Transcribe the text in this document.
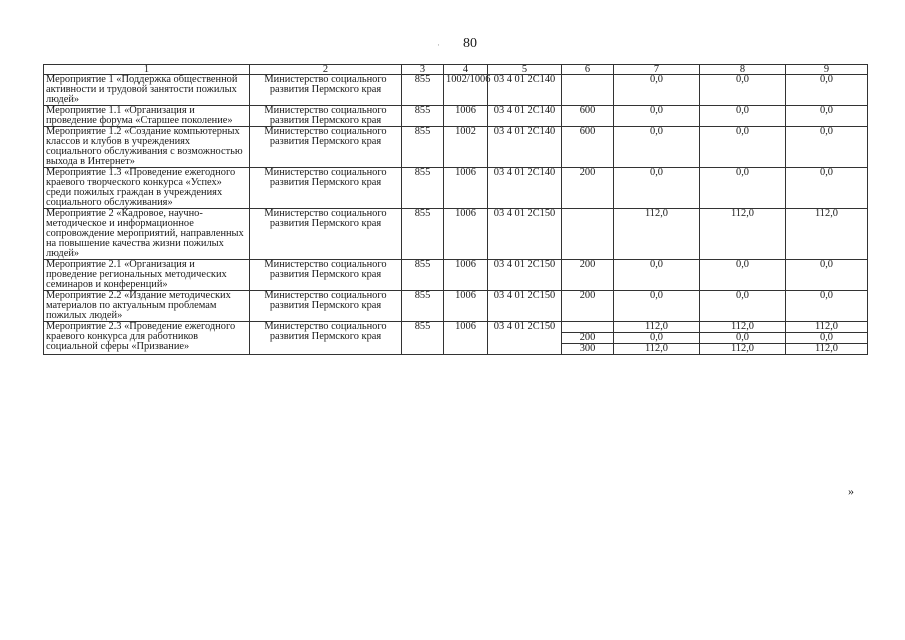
80
·
1	2	3	4	5	6	7	8	9
Мероприятие 1 «Поддержка общественной активности и трудовой занятости пожилых людей»	Министерство социального развития Пермского края	855	1002/1006	03 4 01 2С140		0,0	0,0	0,0
Мероприятие 1.1 «Организация и проведение форума «Старшее поколение»	Министерство социального развития Пермского края	855	1006	03 4 01 2С140	600	0,0	0,0	0,0
Мероприятие 1.2 «Создание компьютерных классов и клубов в учреждениях социального обслуживания с возможностью выхода в Интернет»	Министерство социального развития Пермского края	855	1002	03 4 01 2С140	600	0,0	0,0	0,0
Мероприятие 1.3 «Проведение ежегодного краевого творческого конкурса «Успех» среди пожилых граждан в учреждениях социального обслуживания»	Министерство социального развития Пермского края	855	1006	03 4 01 2С140	200	0,0	0,0	0,0
Мероприятие 2 «Кадровое, научно-методическое и информационное сопровождение мероприятий, направленных на повышение качества жизни пожилых людей»	Министерство социального развития Пермского края	855	1006	03 4 01 2С150		112,0	112,0	112,0
Мероприятие 2.1 «Организация и проведение региональных методических семинаров и конференций»	Министерство социального развития Пермского края	855	1006	03 4 01 2С150	200	0,0	0,0	0,0
Мероприятие 2.2 «Издание методических материалов по актуальным проблемам пожилых людей»	Министерство социального развития Пермского края	855	1006	03 4 01 2С150	200	0,0	0,0	0,0
Мероприятие 2.3 «Проведение ежегодного краевого конкурса для работников социальной сферы «Призвание»	Министерство социального развития Пермского края	855	1006	03 4 01 2С150		112,0	112,0	112,0
					200	0,0	0,0	0,0
					300	112,0	112,0	112,0
»
